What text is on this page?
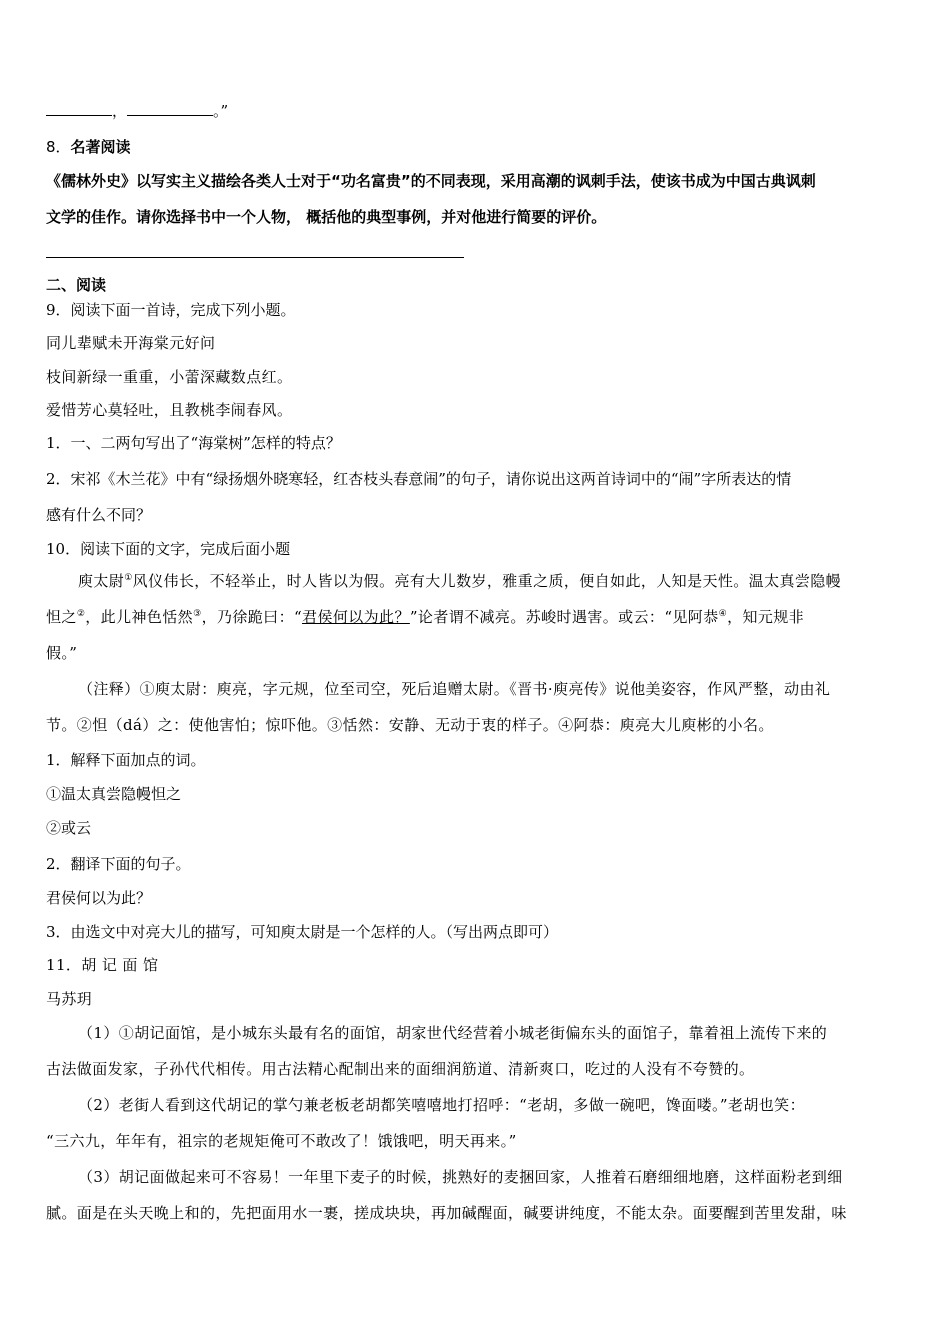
，	。”
8．名著阅读
《儒林外史》以写实主义描绘各类人士对于“功名富贵”的不同表现，采用高潮的讽刺手法，使该书成为中国古典讽刺
文学的佳作。请你选择书中一个人物， 概括他的典型事例，并对他进行简要的评价。
二、阅读
9．阅读下面一首诗，完成下列小题。
同儿辈赋未开海棠元好问
枝间新绿一重重，小蕾深藏数点红。
爱惜芳心莫轻吐，且教桃李闹春风。
1．一、二两句写出了“海棠树”怎样的特点？
2．宋祁《木兰花》中有“绿扬烟外晓寒轻，红杏枝头春意闹”的句子，请你说出这两首诗词中的“闹”字所表达的情
感有什么不同？
10．阅读下面的文字，完成后面小题
庾太尉①风仪伟长，不轻举止，时人皆以为假。亮有大儿数岁，雅重之质，便自如此，人知是天性。温太真尝隐幔
怛之②，此儿神色恬然③，乃徐跪曰：“君侯何以为此？”论者谓不减亮。苏峻时遇害。或云：“见阿恭④，知元规非
假。”
（注释）①庾太尉：庾亮，字元规，位至司空，死后追赠太尉。《晋书·庾亮传》说他美姿容，作风严整，动由礼
节。②怛（dá）之：使他害怕；惊吓他。③恬然：安静、无动于衷的样子。④阿恭：庾亮大儿庾彬的小名。
1．解释下面加点的词。
①温太真尝隐幔怛之
②或云
2．翻译下面的句子。
君侯何以为此？
3．由选文中对亮大儿的描写，可知庾太尉是一个怎样的人。（写出两点即可）
11．胡 记 面 馆
马苏玥
（1）①胡记面馆，是小城东头最有名的面馆，胡家世代经营着小城老街偏东头的面馆子，靠着祖上流传下来的
古法做面发家，子孙代代相传。用古法精心配制出来的面细润筋道、清新爽口，吃过的人没有不夸赞的。
（2）老街人看到这代胡记的掌勺兼老板老胡都笑嘻嘻地打招呼：“老胡，多做一碗吧，馋面喽。”老胡也笑：
“三六九，年年有，祖宗的老规矩俺可不敢改了！饿饿吧，明天再来。”
（3）胡记面做起来可不容易！一年里下麦子的时候，挑熟好的麦捆回家，人推着石磨细细地磨，这样面粉老到细
腻。面是在头天晚上和的，先把面用水一裹，搓成块块，再加碱醒面，碱要讲纯度，不能太杂。面要醒到苦里发甜，味
